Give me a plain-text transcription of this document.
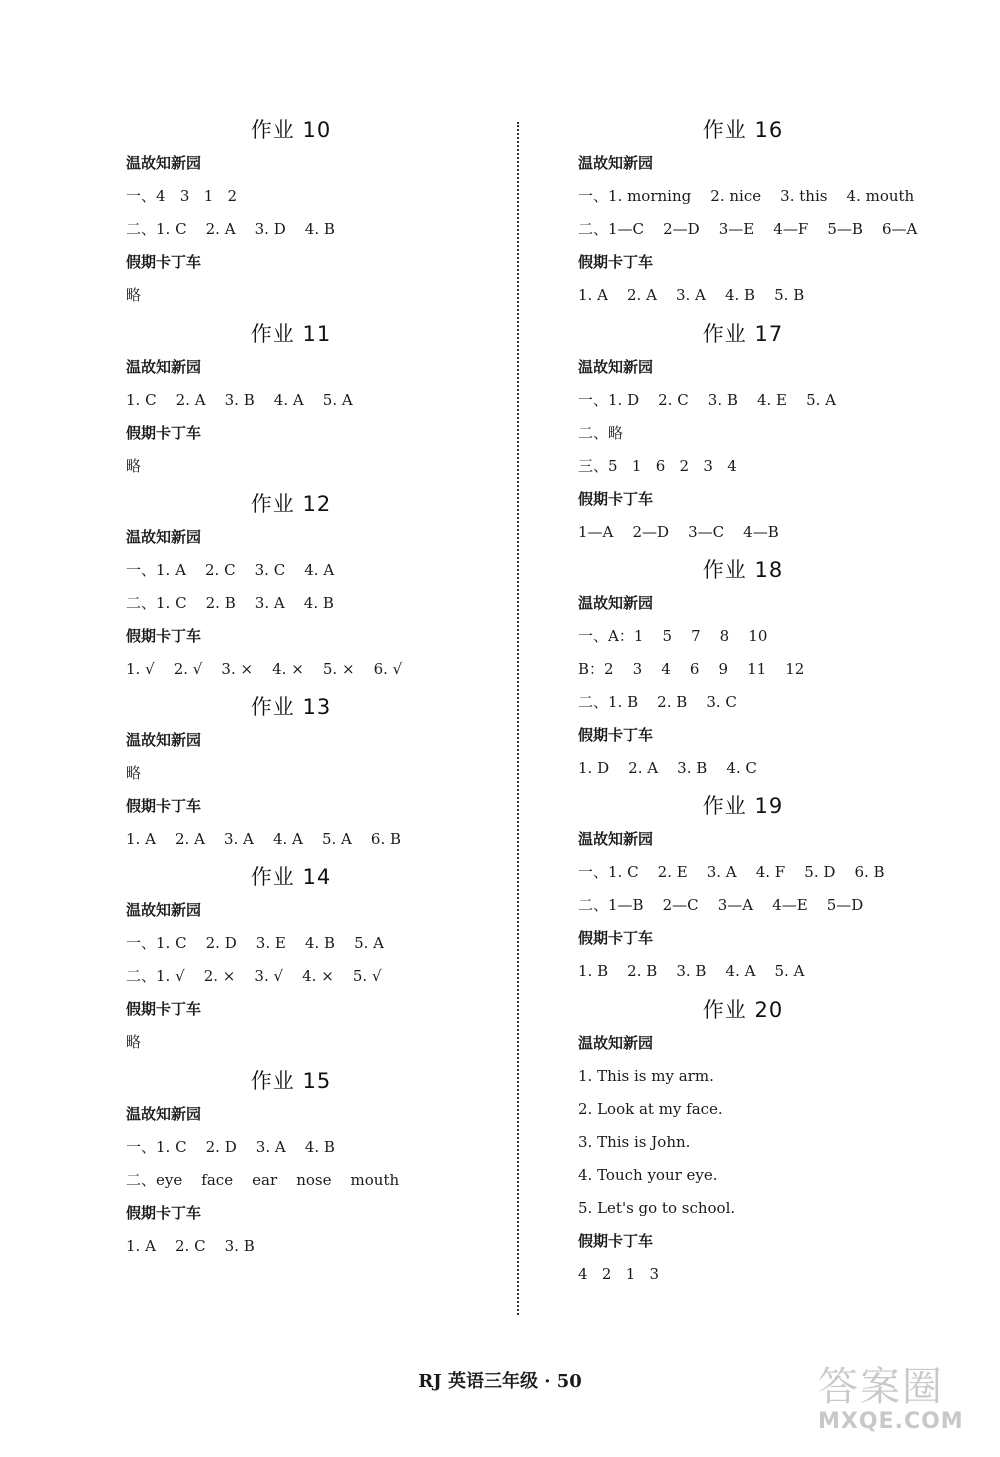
作业 10
温故知新园
一、4   3   1   2
二、1. C    2. A    3. D    4. B
假期卡丁车
略
作业 11
温故知新园
1. C    2. A    3. B    4. A    5. A
假期卡丁车
略
作业 12
温故知新园
一、1. A    2. C    3. C    4. A
二、1. C    2. B    3. A    4. B
假期卡丁车
1. √    2. √    3. ×    4. ×    5. ×    6. √
作业 13
温故知新园
略
假期卡丁车
1. A    2. A    3. A    4. A    5. A    6. B
作业 14
温故知新园
一、1. C    2. D    3. E    4. B    5. A
二、1. √    2. ×    3. √    4. ×    5. √
假期卡丁车
略
作业 15
温故知新园
一、1. C    2. D    3. A    4. B
二、eye    face    ear    nose    mouth
假期卡丁车
1. A    2. C    3. B
作业 16
温故知新园
一、1. morning    2. nice    3. this    4. mouth
二、1—C    2—D    3—E    4—F    5—B    6—A
假期卡丁车
1. A    2. A    3. A    4. B    5. B
作业 17
温故知新园
一、1. D    2. C    3. B    4. E    5. A
二、略
三、5   1   6   2   3   4
假期卡丁车
1—A    2—D    3—C    4—B
作业 18
温故知新园
一、A：1    5    7    8    10
B：2    3    4    6    9    11    12
二、1. B    2. B    3. C
假期卡丁车
1. D    2. A    3. B    4. C
作业 19
温故知新园
一、1. C    2. E    3. A    4. F    5. D    6. B
二、1—B    2—C    3—A    4—E    5—D
假期卡丁车
1. B    2. B    3. B    4. A    5. A
作业 20
温故知新园
1. This is my arm.
2. Look at my face.
3. This is John.
4. Touch your eye.
5. Let's go to school.
假期卡丁车
4   2   1   3
RJ 英语三年级 · 50	答案圈
MXQE.COM
